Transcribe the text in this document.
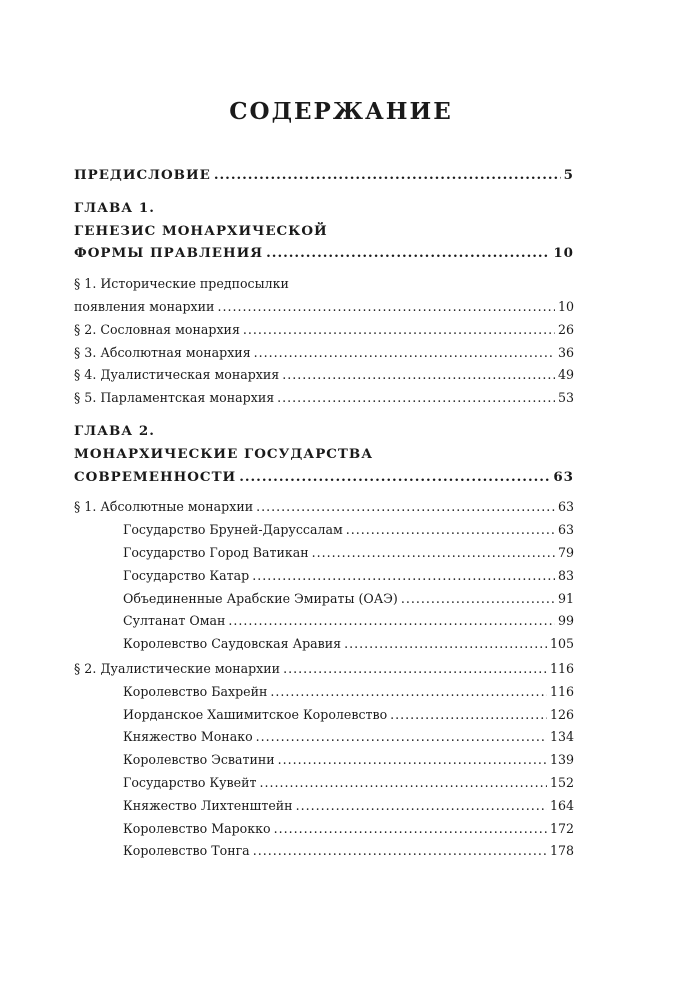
СОДЕРЖАНИЕ
ПРЕДИСЛОВИЕ .....	5
ГЛАВА 1.
ГЕНЕЗИС МОНАРХИЧЕСКОЙ
ФОРМЫ ПРАВЛЕНИЯ .....	10
§ 1. Исторические предпосылки
появления монархии .....	10
§ 2. Сословная монархия .....	26
§ 3. Абсолютная монархия .....	36
§ 4. Дуалистическая монархия .....	49
§ 5. Парламентская монархия .....	53
ГЛАВА 2.
МОНАРХИЧЕСКИЕ ГОСУДАРСТВА
СОВРЕМЕННОСТИ .....	63
§ 1. Абсолютные монархии .....	63
Государство Бруней-Даруссалам .....	63
Государство Город Ватикан .....	79
Государство Катар .....	83
Объединенные Арабские Эмираты (ОАЭ) .....	91
Султанат Оман .....	99
Королевство Саудовская Аравия .....	105
§ 2. Дуалистические монархии .....	116
Королевство Бахрейн .....	116
Иорданское Хашимитское Королевство .....	126
Княжество Монако .....	134
Королевство Эсватини .....	139
Государство Кувейт .....	152
Княжество Лихтенштейн .....	164
Королевство Марокко .....	172
Королевство Тонга .....	178
